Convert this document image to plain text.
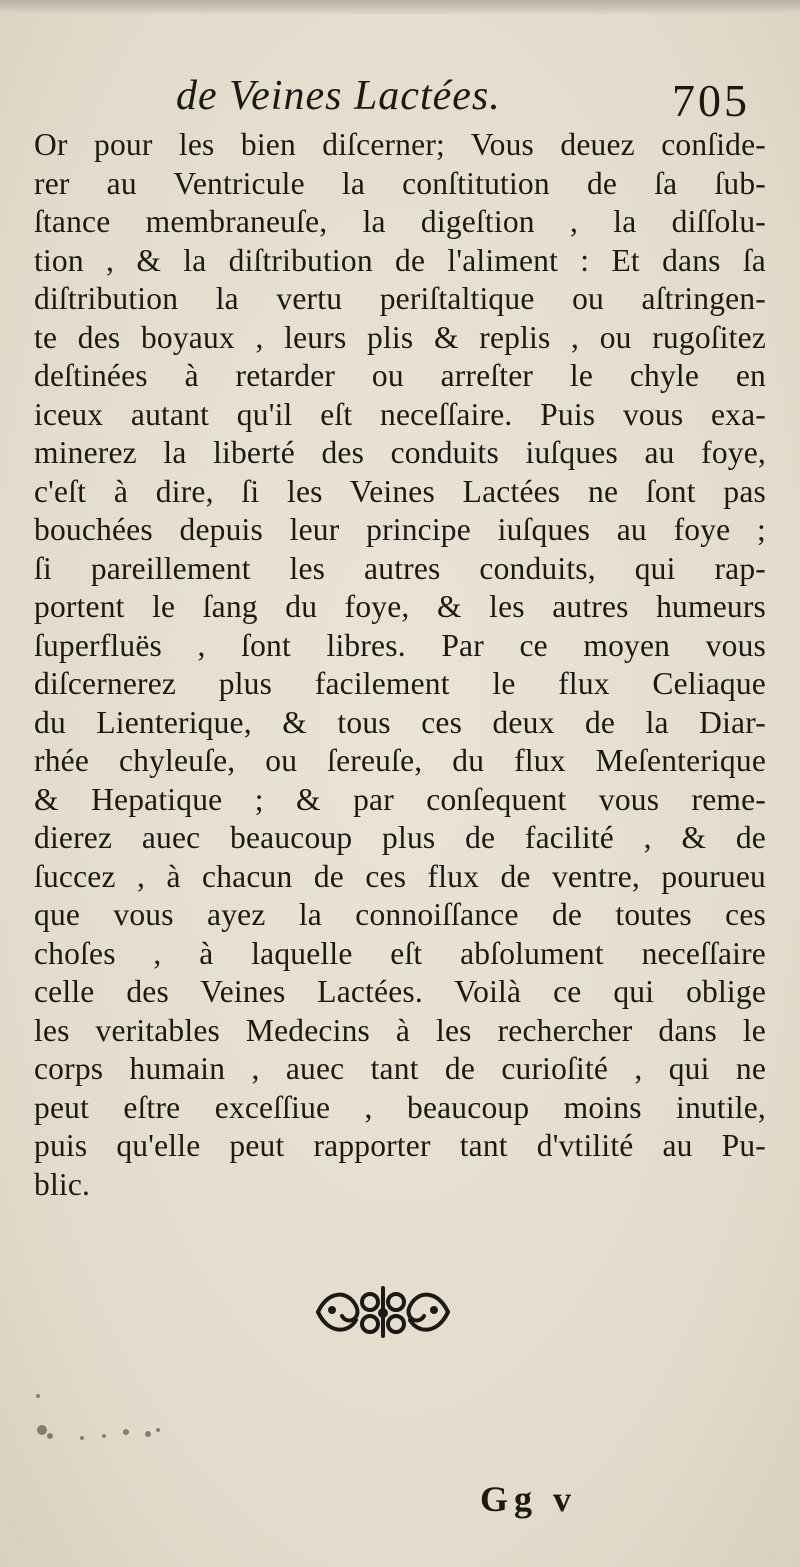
de Veines Lactées.	705
Or pour les bien diſcerner; Vous deuez conſide-
rer au Ventricule la conſtitution de ſa ſub-
ſtance membraneuſe, la digeſtion , la diſſolu-
tion , & la diſtribution de l'aliment : Et dans ſa
diſtribution la vertu periſtaltique ou aſtringen-
te des boyaux , leurs plis & replis , ou rugoſitez
deſtinées à retarder ou arreſter le chyle en
iceux autant qu'il eſt neceſſaire. Puis vous exa-
minerez la liberté des conduits iuſques au foye,
c'eſt à dire, ſi les Veines Lactées ne ſont pas
bouchées depuis leur principe iuſques au foye ;
ſi pareillement les autres conduits, qui rap-
portent le ſang du foye, & les autres humeurs
ſuperfluës , ſont libres. Par ce moyen vous
diſcernerez plus facilement le flux Celiaque
du Lienterique, & tous ces deux de la Diar-
rhée chyleuſe, ou ſereuſe, du flux Meſenterique
& Hepatique ; & par conſequent vous reme-
dierez auec beaucoup plus de facilité , & de
ſuccez , à chacun de ces flux de ventre, pourueu
que vous ayez la connoiſſance de toutes ces
choſes , à laquelle eſt abſolument neceſſaire
celle des Veines Lactées. Voilà ce qui oblige
les veritables Medecins à les rechercher dans le
corps humain , auec tant de curioſité , qui ne
peut eſtre exceſſiue , beaucoup moins inutile,
puis qu'elle peut rapporter tant d'vtilité au Pu-
blic.
Gg v
